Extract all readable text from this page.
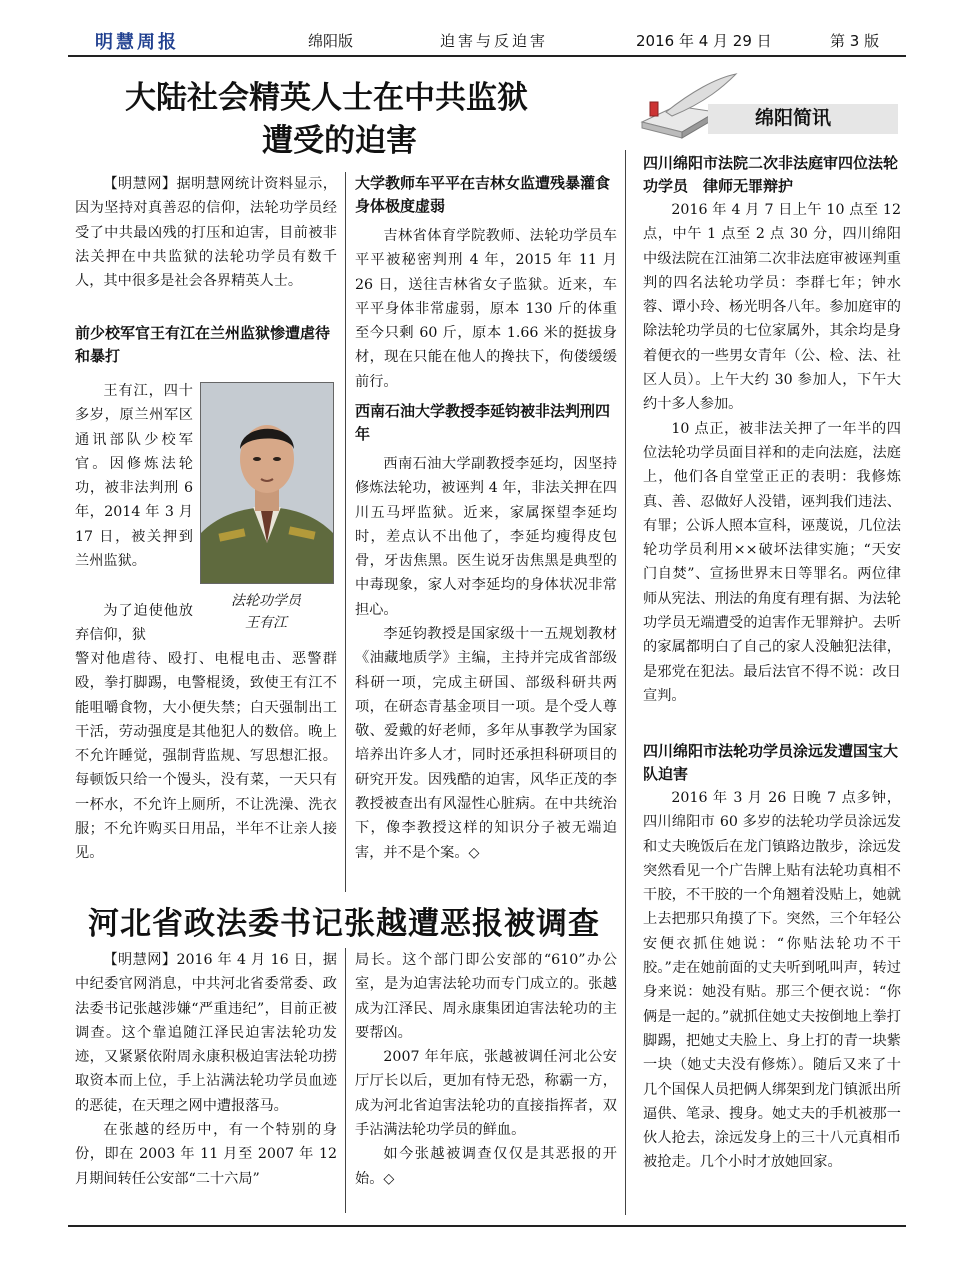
明慧周报	绵阳版	迫害与反迫害	2016 年 4 月 29 日	第 3 版
大陆社会精英人士在中共监狱
遭受的迫害
绵阳简讯

【明慧网】据明慧网统计资料显示，因为坚持对真善忍的信仰，法轮功学员经受了中共最凶残的打压和迫害，目前被非法关押在中共监狱的法轮功学员有数千人，其中很多是社会各界精英人士。

前少校军官王有江在兰州监狱惨遭虐待和暴打

王有江，四十多岁，原兰州军区通讯部队少校军官。因修炼法轮功，被非法判刑 6 年，2014 年 3 月 17 日，被关押到兰州监狱。

为了迫使他放弃信仰，狱

法轮功学员
王有江

警对他虐待、殴打、电棍电击、恶警群殴，拳打脚踢，电警棍烫，致使王有江不能咀嚼食物，大小便失禁；白天强制出工干活，劳动强度是其他犯人的数倍。晚上不允许睡觉，强制背监规、写思想汇报。每顿饭只给一个馒头，没有菜，一天只有一杯水，不允许上厕所，不让洗澡、洗衣服；不允许购买日用品，半年不让亲人接见。

大学教师车平平在吉林女监遭残暴灌食 身体极度虚弱

吉林省体育学院教师、法轮功学员车平平被秘密判刑 4 年，2015 年 11 月 26 日，送往吉林省女子监狱。近来，车平平身体非常虚弱，原本 130 斤的体重至今只剩 60 斤，原本 1.66 米的挺拔身材，现在只能在他人的搀扶下，佝偻缓缓前行。

西南石油大学教授李延钧被非法判刑四年

西南石油大学副教授李延均，因坚持修炼法轮功，被诬判 4 年，非法关押在四川五马坪监狱。近来，家属探望李延均时，差点认不出他了，李延均瘦得皮包骨，牙齿焦黑。医生说牙齿焦黑是典型的中毒现象，家人对李延均的身体状况非常担心。

李延钧教授是国家级十一五规划教材《油藏地质学》主编，主持并完成省部级科研一项，完成主研国、部级科研共两项，在研态青基金项目一项。是个受人尊敬、爱戴的好老师，多年从事教学为国家培养出许多人才，同时还承担科研项目的研究开发。因残酷的迫害，风华正茂的李教授被查出有风湿性心脏病。在中共统治下，像李教授这样的知识分子被无端迫害，并不是个案。◇

河北省政法委书记张越遭恶报被调查

【明慧网】2016 年 4 月 16 日，据中纪委官网消息，中共河北省委常委、政法委书记张越涉嫌“严重违纪”，目前正被调查。这个靠追随江泽民迫害法轮功发迹，又紧紧依附周永康积极迫害法轮功捞取资本而上位，手上沾满法轮功学员血迹的恶徒，在天理之网中遭报落马。

在张越的经历中，有一个特别的身份，即在 2003 年 11 月至 2007 年 12 月期间转任公安部“二十六局”

局长。这个部门即公安部的“610”办公室，是为迫害法轮功而专门成立的。张越成为江泽民、周永康集团迫害法轮功的主要帮凶。

2007 年年底，张越被调任河北公安厅厅长以后，更加有恃无恐，称霸一方，成为河北省迫害法轮功的直接指挥者，双手沾满法轮功学员的鲜血。

如今张越被调查仅仅是其恶报的开始。◇

四川绵阳市法院二次非法庭审四位法轮功学员　律师无罪辩护

2016 年 4 月 7 日上午 10 点至 12 点，中午 1 点至 2 点 30 分，四川绵阳中级法院在江油第二次非法庭审被诬判重判的四名法轮功学员：李群七年；钟水蓉、谭小玲、杨光明各八年。参加庭审的除法轮功学员的七位家属外，其余均是身着便衣的一些男女青年（公、检、法、社区人员）。上午大约 30 参加人，下午大约十多人参加。

10 点正，被非法关押了一年半的四位法轮功学员面目祥和的走向法庭，法庭上，他们各自堂堂正正的表明：我修炼真、善、忍做好人没错，诬判我们违法、有罪；公诉人照本宣科，诬蔑说，几位法轮功学员利用××破坏法律实施；“天安门自焚”、宣扬世界末日等罪名。两位律师从宪法、刑法的角度有理有据、为法轮功学员无端遭受的迫害作无罪辩护。去听的家属都明白了自己的家人没触犯法律，是邪党在犯法。最后法官不得不说：改日宣判。

四川绵阳市法轮功学员涂远发遭国宝大队迫害

2016 年 3 月 26 日晚 7 点多钟，四川绵阳市 60 多岁的法轮功学员涂远发和丈夫晚饭后在龙门镇路边散步，涂远发突然看见一个广告牌上贴有法轮功真相不干胶，不干胶的一个角翘着没贴上，她就上去把那只角摸了下。突然，三个年轻公安便衣抓住她说：“你贴法轮功不干胶。”走在她前面的丈夫听到吼叫声，转过身来说：她没有贴。那三个便衣说：“你俩是一起的。”就抓住她丈夫按倒地上拳打脚踢，把她丈夫脸上、身上打的青一块紫一块（她丈夫没有修炼）。随后又来了十几个国保人员把俩人绑架到龙门镇派出所逼供、笔录、搜身。她丈夫的手机被那一伙人抢去，涂远发身上的三十八元真相币被抢走。几个小时才放她回家。
